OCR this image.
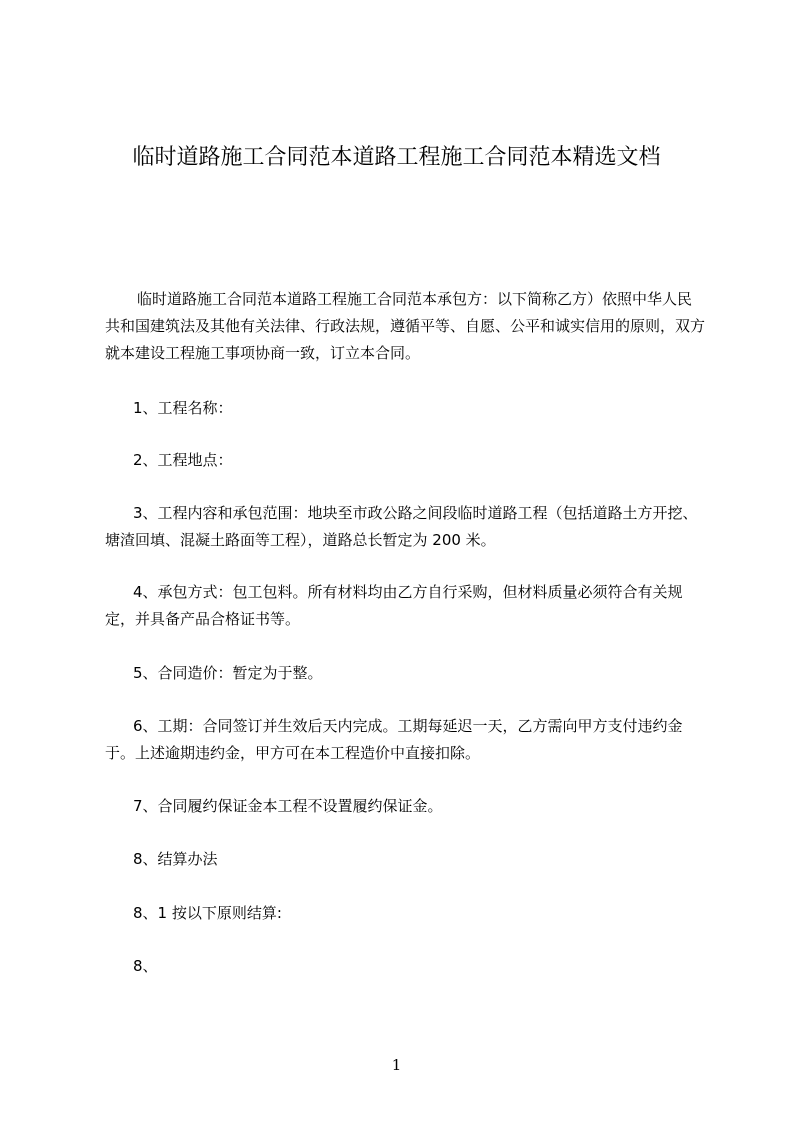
临时道路施工合同范本道路工程施工合同范本精选文档

临时道路施工合同范本道路工程施工合同范本承包方：以下简称乙方）依照中华人民共和国建筑法及其他有关法律、行政法规，遵循平等、自愿、公平和诚实信用的原则，双方就本建设工程施工事项协商一致，订立本合同。

1、工程名称：

2、工程地点：

3、工程内容和承包范围：地块至市政公路之间段临时道路工程（包括道路土方开挖、塘渣回填、混凝土路面等工程），道路总长暂定为 200 米。

4、承包方式：包工包料。所有材料均由乙方自行采购，但材料质量必须符合有关规定，并具备产品合格证书等。

5、合同造价：暂定为于整。

6、工期：合同签订并生效后天内完成。工期每延迟一天，乙方需向甲方支付违约金于。上述逾期违约金，甲方可在本工程造价中直接扣除。

7、合同履约保证金本工程不设置履约保证金。

8、结算办法

8、1 按以下原则结算:

8、

1
